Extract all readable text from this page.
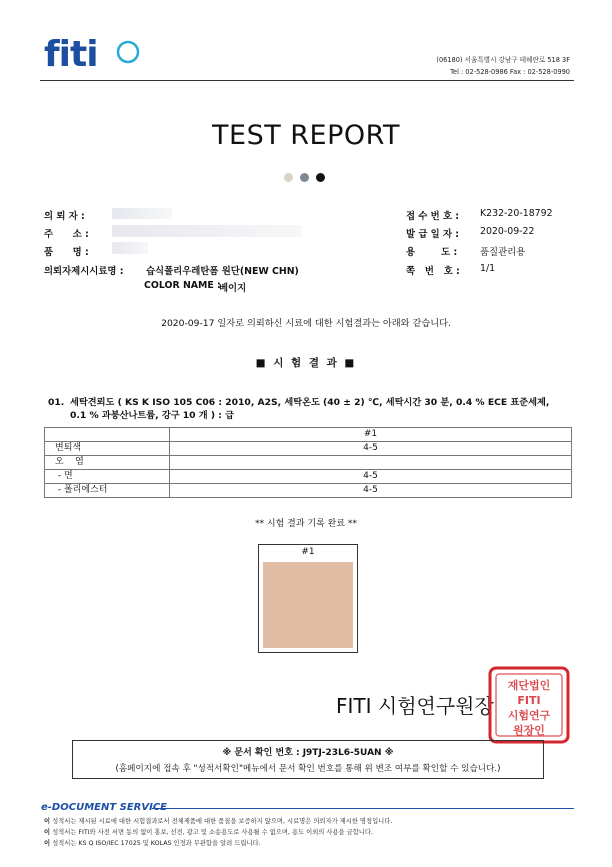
fiti	(06180) 서울특별시 강남구 테헤란로 518 3F
Tel : 02-528-0986 Fax : 02-528-0990
TEST REPORT
의 뢰 자 :
주      소 :
품      명 :
의뢰자제시시료명 : 습식폴리우레탄폼 원단(NEW CHN)
COLOR NAME :
베이지
접 수 번 호 : K232-20-18792
발 급 일 자 : 2020-09-22
용        도 : 품질관리용
쪽   번   호 : 1/1
2020-09-17 일자로 의뢰하신 시료에 대한 시험결과는 아래와 같습니다.
■ 시 험 결 과 ■
01. 세탁견뢰도 ( KS K ISO 105 C06 : 2010, A2S, 세탁온도 (40 ± 2) ℃, 세탁시간 30 분, 0.4 % ECE 표준세제, 0.1 % 과붕산나트륨, 강구 10 개 ) : 급
	#1
변퇴색	4-5
오    염	
- 면	4-5
- 폴리에스터	4-5
** 시험 결과 기록 완료 **
#1
FITI 시험연구원장
재단법인
FITI
시험연구
원장인
※ 문서 확인 번호 : J9TJ-23L6-5UAN ※
(홈페이지에 접속 후 "성적서확인"메뉴에서 문서 확인 번호를 통해 위 변조 여부를 확인할 수 있습니다.)
e-DOCUMENT SERVICE
이 성적서는 제시된 시료에 대한 시험결과로서 전체제품에 대한 품질을 보증하지 않으며, 시료명은 의뢰자가 제시한 명칭입니다.
이 성적서는 FITI와 사전 서면 동의 없이 홍보, 선전, 광고 및 소송용도로 사용될 수 없으며, 용도 이외의 사용을 금합니다.
이 성적서는 KS Q ISO/IEC 17025 및 KOLAS 인정과 무관함을 알려 드립니다.
